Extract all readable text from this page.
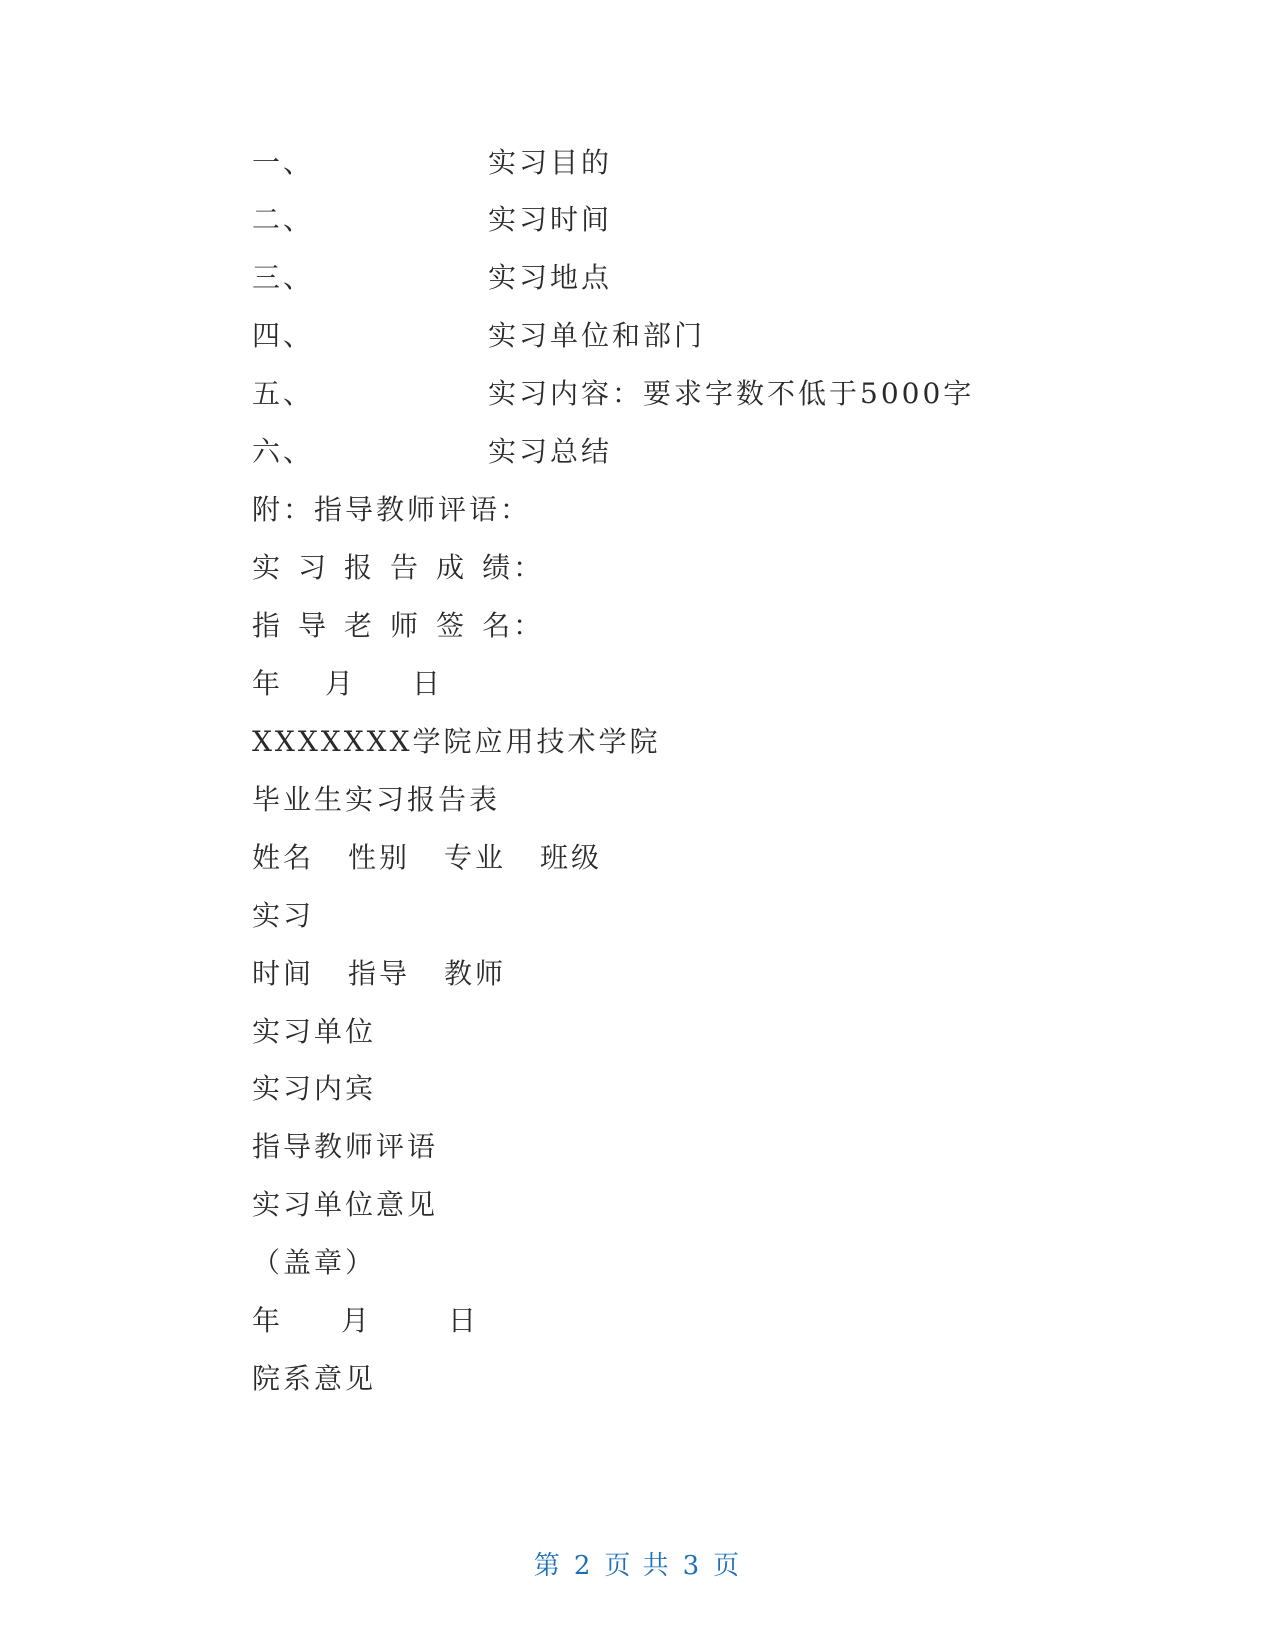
一、	实习目的
二、	实习时间
三、	实习地点
四、	实习单位和部门
五、	实习内容：要求字数不低于5000字
六、	实习总结
附：指导教师评语：
实 习 报 告 成 绩：
指 导 老 师 签 名：
年 月 日
XXXXXXX学院应用技术学院
毕业生实习报告表
姓名 性别 专业 班级
实习
时间 指导 教师
实习单位
实习内宾
指导教师评语
实习单位意见
（盖章）
年 月	日
院系意见
第 2 页 共 3 页
